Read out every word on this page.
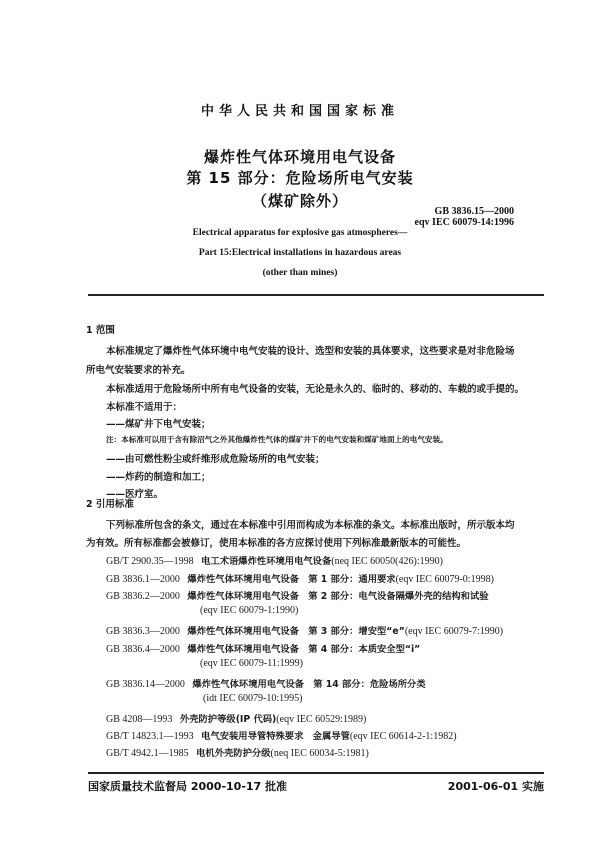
中华人民共和国国家标准
爆炸性气体环境用电气设备
第 15 部分：危险场所电气安装
（煤矿除外）
GB 3836.15—2000
eqv IEC 60079-14:1996
Electrical apparatus for explosive gas atmospheres—
Part 15:Electrical installations in hazardous areas
(other than mines)
1 范围
本标准规定了爆炸性气体环境中电气安装的设计、选型和安装的具体要求，这些要求是对非危险场
所电气安装要求的补充。
本标准适用于危险场所中所有电气设备的安装，无论是永久的、临时的、移动的、车载的或手提的。
本标准不适用于：
——煤矿井下电气安装；
注：本标准可以用于含有除沼气之外其他爆炸性气体的煤矿井下的电气安装和煤矿地面上的电气安装。
——由可燃性粉尘或纤维形成危险场所的电气安装；
——炸药的制造和加工；
——医疗室。
2 引用标准
下列标准所包含的条文，通过在本标准中引用而构成为本标准的条文。本标准出版时，所示版本均
为有效。所有标准都会被修订，使用本标准的各方应探讨使用下列标准最新版本的可能性。
GB/T 2900.35—1998 电工术语爆炸性环境用电气设备(neq IEC 60050(426):1990)
GB 3836.1—2000 爆炸性气体环境用电气设备　第 1 部分：通用要求(eqv IEC 60079-0:1998)
GB 3836.2—2000 爆炸性气体环境用电气设备　第 2 部分：电气设备隔爆外壳的结构和试验
(eqv IEC 60079-1:1990)
GB 3836.3—2000 爆炸性气体环境用电气设备　第 3 部分：增安型“e”(eqv IEC 60079-7:1990)
GB 3836.4—2000 爆炸性气体环境用电气设备　第 4 部分：本质安全型“i”
(eqv IEC 60079-11:1999)
GB 3836.14—2000 爆炸性气体环境用电气设备　第 14 部分：危险场所分类
(idt IEC 60079-10:1995)
GB 4208—1993 外壳防护等级(IP 代码)(eqv IEC 60529:1989)
GB/T 14823.1—1993 电气安装用导管特殊要求　金属导管(eqv IEC 60614-2-1:1982)
GB/T 4942.1—1985 电机外壳防护分级(neq IEC 60034-5:1981)
国家质量技术监督局 2000-10-17 批准	2001-06-01 实施
